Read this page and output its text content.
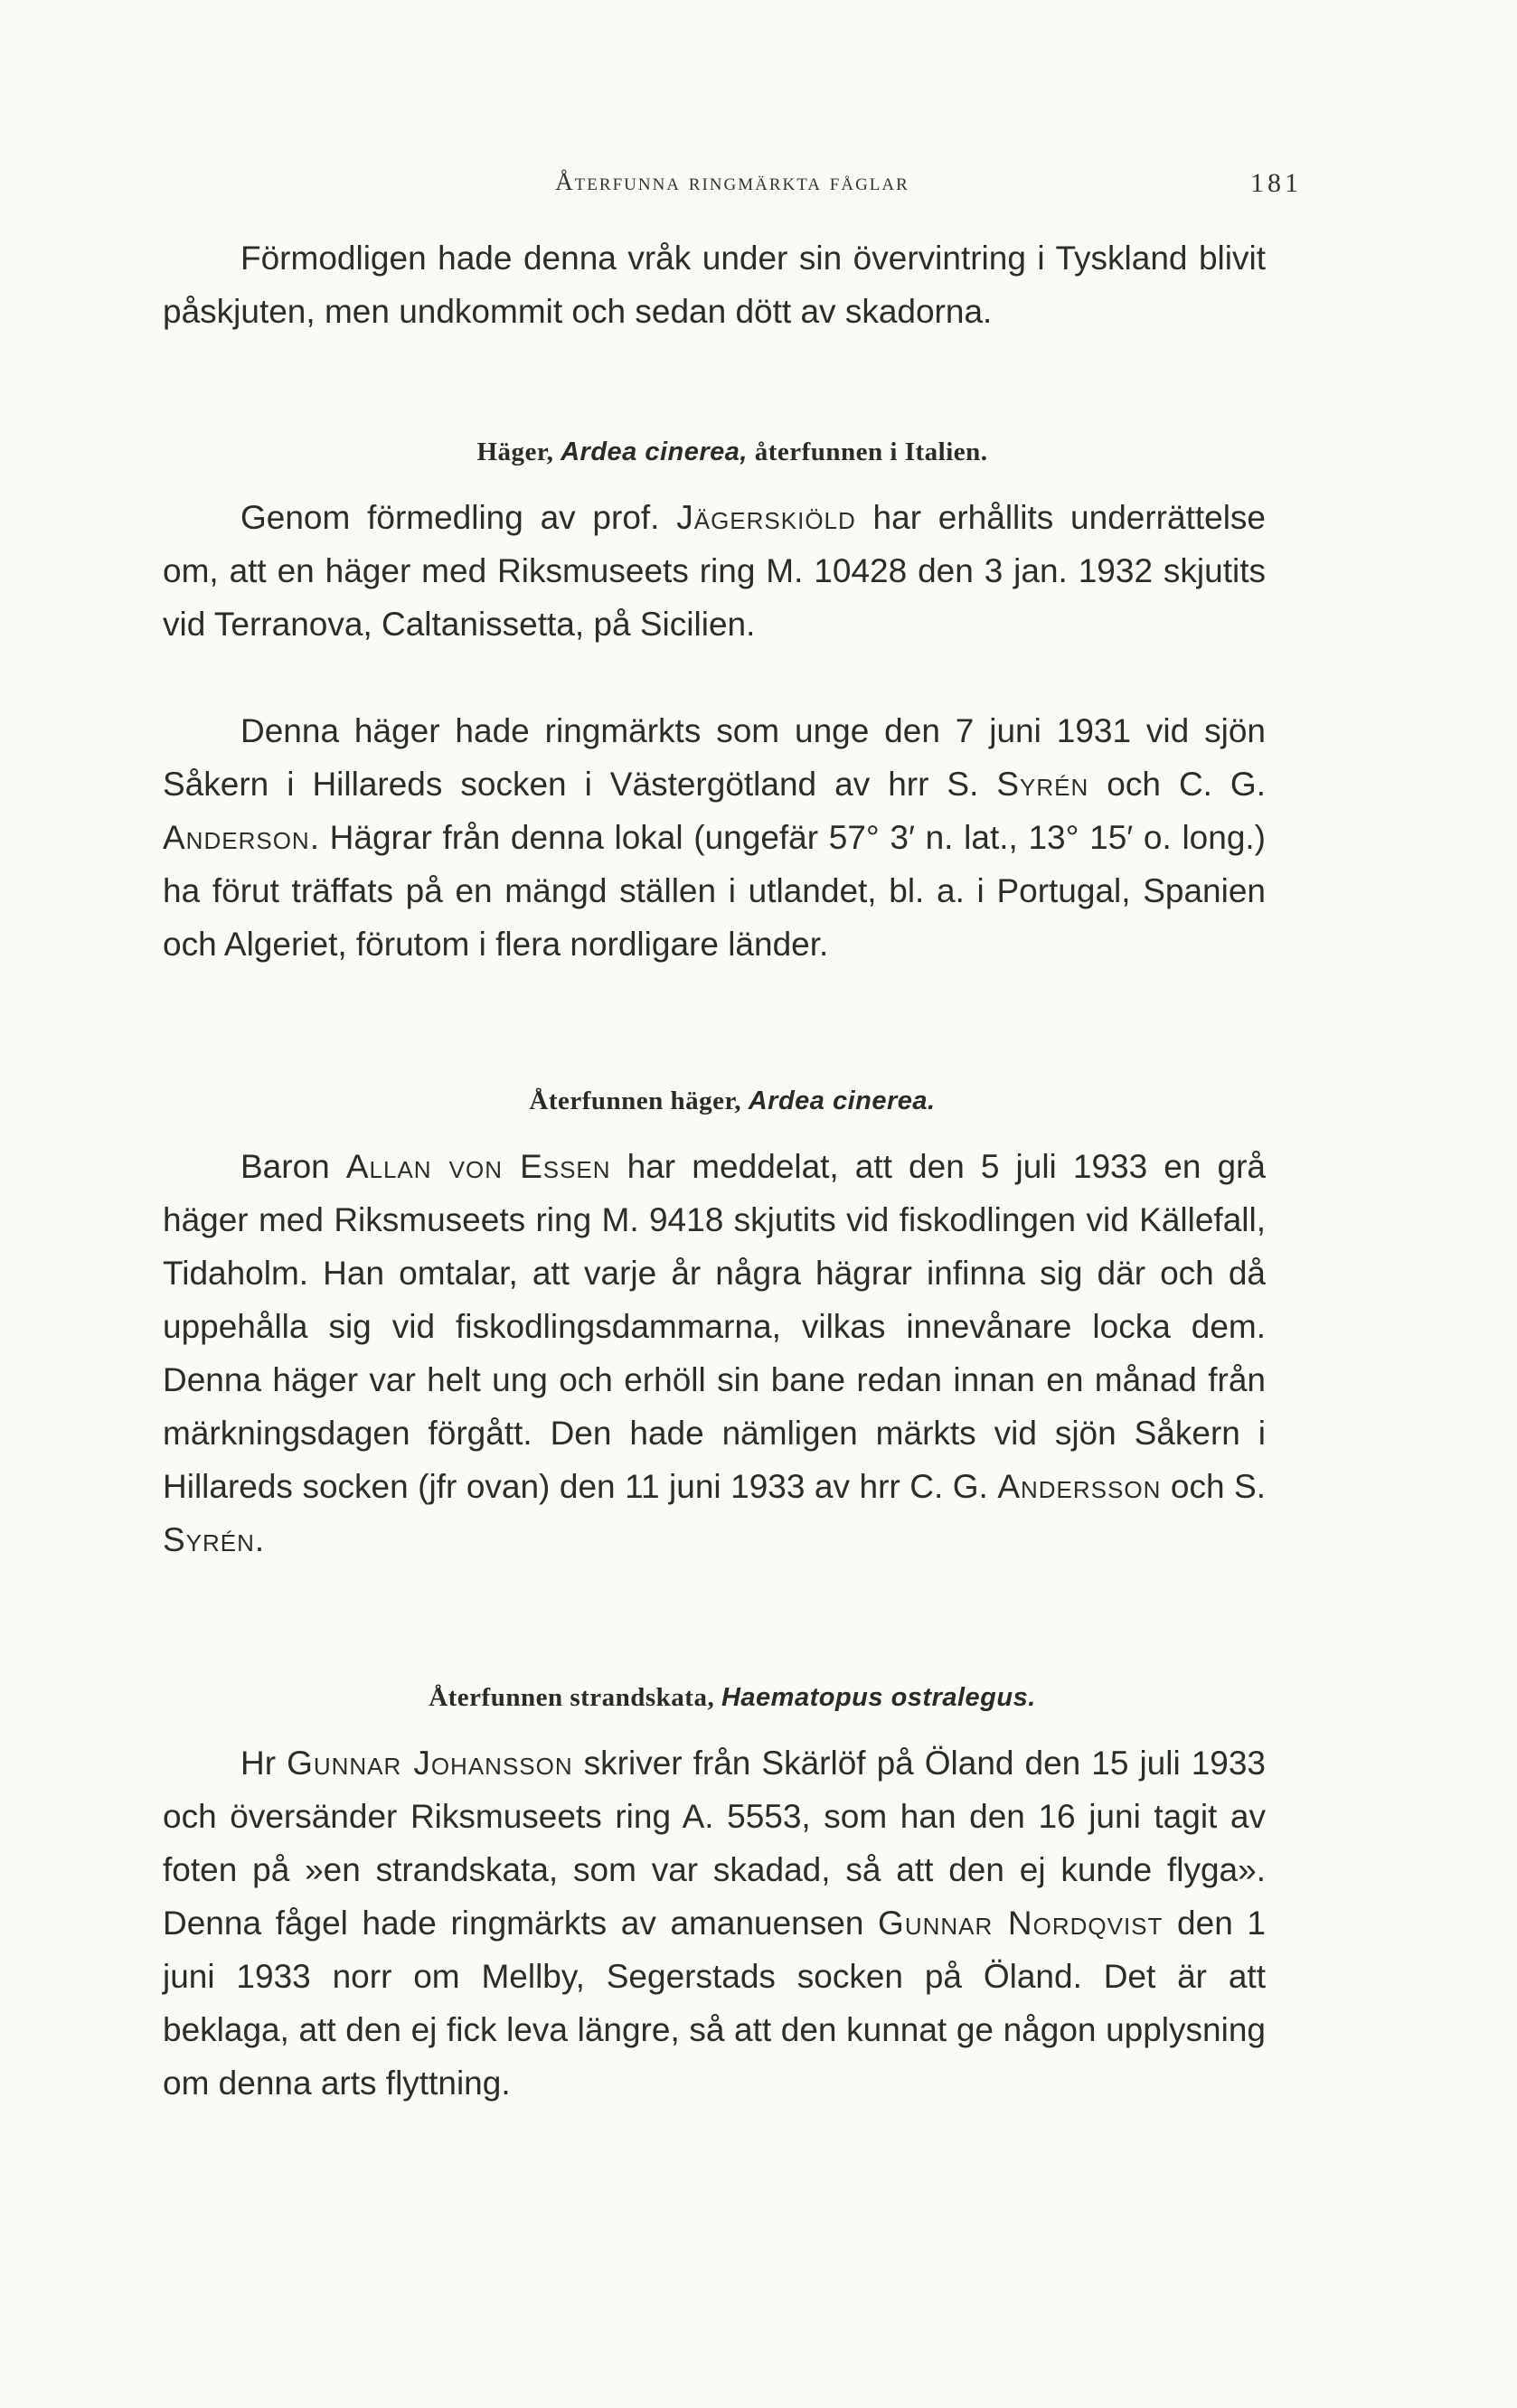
Återfunna ringmärkta fåglar	181

Förmodligen hade denna vråk under sin övervintring i Tyskland blivit påskjuten, men undkommit och sedan dött av skadorna.

Häger, Ardea cinerea, återfunnen i Italien.

Genom förmedling av prof. Jägerskiöld har erhållits underrättelse om, att en häger med Riksmuseets ring M. 10428 den 3 jan. 1932 skjutits vid Terranova, Caltanissetta, på Sicilien.

Denna häger hade ringmärkts som unge den 7 juni 1931 vid sjön Såkern i Hillareds socken i Västergötland av hrr S. Syrén och C. G. Anderson. Hägrar från denna lokal (ungefär 57° 3′ n. lat., 13° 15′ o. long.) ha förut träffats på en mängd ställen i utlandet, bl. a. i Portugal, Spanien och Algeriet, förutom i flera nordligare länder.

Återfunnen häger, Ardea cinerea.

Baron Allan von Essen har meddelat, att den 5 juli 1933 en grå häger med Riksmuseets ring M. 9418 skjutits vid fiskodlingen vid Källefall, Tidaholm. Han omtalar, att varje år några hägrar infinna sig där och då uppehålla sig vid fiskodlingsdammarna, vilkas innevånare locka dem. Denna häger var helt ung och erhöll sin bane redan innan en månad från märkningsdagen förgått. Den hade nämligen märkts vid sjön Såkern i Hillareds socken (jfr ovan) den 11 juni 1933 av hrr C. G. Andersson och S. Syrén.

Återfunnen strandskata, Haematopus ostralegus.

Hr Gunnar Johansson skriver från Skärlöf på Öland den 15 juli 1933 och översänder Riksmuseets ring A. 5553, som han den 16 juni tagit av foten på »en strandskata, som var skadad, så att den ej kunde flyga». Denna fågel hade ringmärkts av amanuensen Gunnar Nordqvist den 1 juni 1933 norr om Mellby, Segerstads socken på Öland. Det är att beklaga, att den ej fick leva längre, så att den kunnat ge någon upplysning om denna arts flyttning.
